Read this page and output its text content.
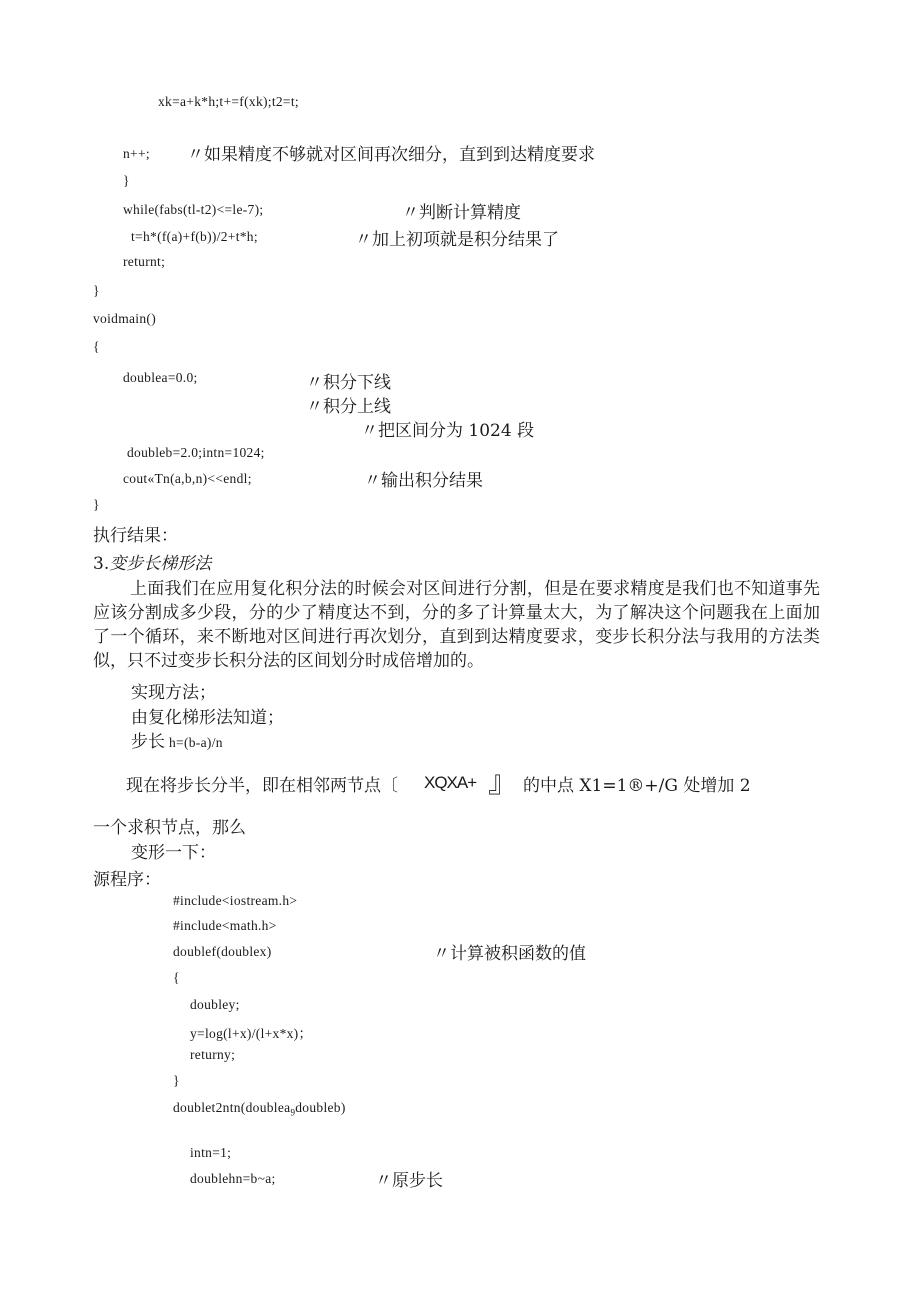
xk=a+k*h;t+=f(xk);t2=t;
n++; 〃如果精度不够就对区间再次细分，直到到达精度要求
}
while(fabs(tl-t2)<=le-7);	〃判断计算精度
t=h*(f(a)+f(b))/2+t*h;	〃加上初项就是积分结果了
returnt;
}
voidmain()
{
doublea=0.0;	〃积分下线
〃积分上线
〃把区间分为 1024 段
doubleb=2.0;intn=1024;
cout«Tn(a,b,n)<<endl;	〃输出积分结果
}
执行结果：
3.变步长梯形法
上面我们在应用复化积分法的时候会对区间进行分割，但是在要求精度是我们也不知道事先应该分割成多少段，分的少了精度达不到，分的多了计算量太大，为了解决这个问题我在上面加了一个循环，来不断地对区间进行再次划分，直到到达精度要求，变步长积分法与我用的方法类似，只不过变步长积分法的区间划分时成倍增加的。
实现方法；
由复化梯形法知道；
步长 h=(b-a)/n
现在将步长分半，即在相邻两节点〔 XQXA+ 』 的中点 X1=1®+/G 处增加 2
一个求积节点，那么
变形一下：
源程序：
#include<iostream.h>
#include<math.h>
doublef(doublex)	〃计算被积函数的值
{
doubley;
y=log(l+x)/(l+x*x)；
returny;
}
doublet2ntn(doublea$_9$doubleb)
intn=1;
doublehn=b~a;	〃原步长
